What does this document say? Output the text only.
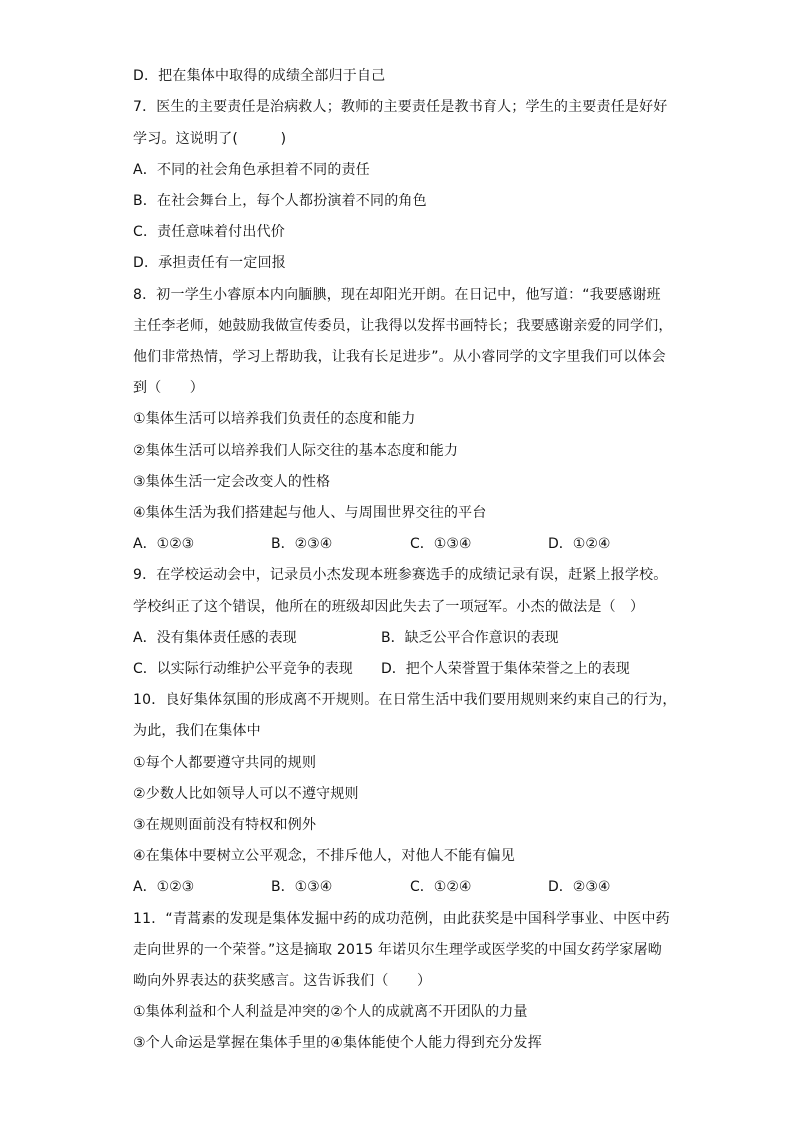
D．把在集体中取得的成绩全部归于自己
7．医生的主要责任是治病救人；教师的主要责任是教书育人；学生的主要责任是好好
学习。这说明了(　　　)
A．不同的社会角色承担着不同的责任
B．在社会舞台上，每个人都扮演着不同的角色
C．责任意味着付出代价
D．承担责任有一定回报
8．初一学生小睿原本内向腼腆，现在却阳光开朗。在日记中，他写道：“我要感谢班
主任李老师，她鼓励我做宣传委员，让我得以发挥书画特长；我要感谢亲爱的同学们，
他们非常热情，学习上帮助我，让我有长足进步”。从小睿同学的文字里我们可以体会
到（　　）
①集体生活可以培养我们负责任的态度和能力
②集体生活可以培养我们人际交往的基本态度和能力
③集体生活一定会改变人的性格
④集体生活为我们搭建起与他人、与周围世界交往的平台
A．①②③	B．②③④	C．①③④	D．①②④
9．在学校运动会中，记录员小杰发现本班参赛选手的成绩记录有误，赶紧上报学校。
学校纠正了这个错误，他所在的班级却因此失去了一项冠军。小杰的做法是（　）
A．没有集体责任感的表现	B．缺乏公平合作意识的表现
C．以实际行动维护公平竞争的表现 D．把个人荣誉置于集体荣誉之上的表现
10．良好集体氛围的形成离不开规则。在日常生活中我们要用规则来约束自己的行为，
为此，我们在集体中
①每个人都要遵守共同的规则
②少数人比如领导人可以不遵守规则
③在规则面前没有特权和例外
④在集体中要树立公平观念，不排斥他人，对他人不能有偏见
A．①②③	B．①③④	C．①②④	D．②③④
11．“青蒿素的发现是集体发掘中药的成功范例，由此获奖是中国科学事业、中医中药
走向世界的一个荣誉。”这是摘取 2015 年诺贝尔生理学或医学奖的中国女药学家屠呦
呦向外界表达的获奖感言。这告诉我们（　　）
①集体利益和个人利益是冲突的②个人的成就离不开团队的力量
③个人命运是掌握在集体手里的④集体能使个人能力得到充分发挥
